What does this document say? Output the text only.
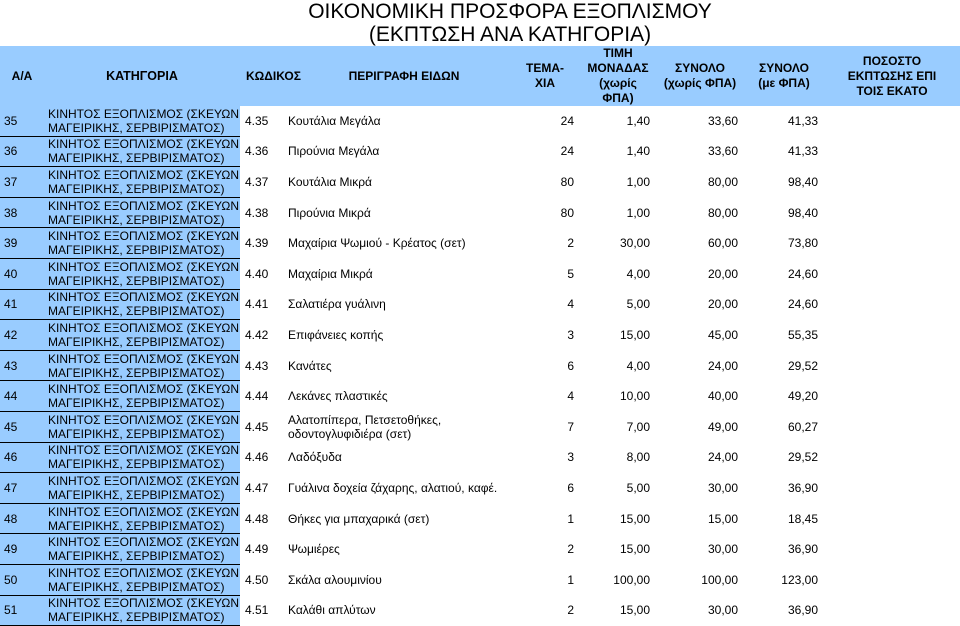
ΟΙΚΟΝΟΜΙΚΗ ΠΡΟΣΦΟΡΑ ΕΞΟΠΛΙΣΜΟΥ
(ΕΚΠΤΩΣΗ ΑΝΑ ΚΑΤΗΓΟΡΙΑ)
Α/Α	ΚΑΤΗΓΟΡΙΑ	ΚΩΔΙΚΟΣ ΠΕΡΙΓΡΑΦΗ ΕΙΔΩΝ		ΤΕΜΑ-
ΧΙΑ	ΤΙΜΗ
ΜΟΝΑΔΑΣ
(χωρίς
ΦΠΑ)	ΣΥΝΟΛΟ
(χωρίς ΦΠΑ)	ΣΥΝΟΛΟ
(με ΦΠΑ)	ΠΟΣΟΣΤΟ
ΕΚΠΤΩΣΗΣ ΕΠΙ
ΤΟΙΣ ΕΚΑΤΟ
35	ΚΙΝΗΤΟΣ ΕΞΟΠΛΙΣΜΟΣ (ΣΚΕΥΩΝ
ΜΑΓΕΙΡΙΚΗΣ, ΣΕΡΒΙΡΙΣΜΑΤΟΣ)	4.35	Κουτάλια Μεγάλα	24	1,40	33,60	41,33	
36	ΚΙΝΗΤΟΣ ΕΞΟΠΛΙΣΜΟΣ (ΣΚΕΥΩΝ
ΜΑΓΕΙΡΙΚΗΣ, ΣΕΡΒΙΡΙΣΜΑΤΟΣ)	4.36	Πιρούνια Μεγάλα	24	1,40	33,60	41,33	
37	ΚΙΝΗΤΟΣ ΕΞΟΠΛΙΣΜΟΣ (ΣΚΕΥΩΝ
ΜΑΓΕΙΡΙΚΗΣ, ΣΕΡΒΙΡΙΣΜΑΤΟΣ)	4.37	Κουτάλια Μικρά	80	1,00	80,00	98,40	
38	ΚΙΝΗΤΟΣ ΕΞΟΠΛΙΣΜΟΣ (ΣΚΕΥΩΝ
ΜΑΓΕΙΡΙΚΗΣ, ΣΕΡΒΙΡΙΣΜΑΤΟΣ)	4.38	Πιρούνια Μικρά	80	1,00	80,00	98,40	
39	ΚΙΝΗΤΟΣ ΕΞΟΠΛΙΣΜΟΣ (ΣΚΕΥΩΝ
ΜΑΓΕΙΡΙΚΗΣ, ΣΕΡΒΙΡΙΣΜΑΤΟΣ)	4.39	Μαχαίρια Ψωμιού - Κρέατος (σετ)	2	30,00	60,00	73,80	
40	ΚΙΝΗΤΟΣ ΕΞΟΠΛΙΣΜΟΣ (ΣΚΕΥΩΝ
ΜΑΓΕΙΡΙΚΗΣ, ΣΕΡΒΙΡΙΣΜΑΤΟΣ)	4.40	Μαχαίρια Μικρά	5	4,00	20,00	24,60	
41	ΚΙΝΗΤΟΣ ΕΞΟΠΛΙΣΜΟΣ (ΣΚΕΥΩΝ
ΜΑΓΕΙΡΙΚΗΣ, ΣΕΡΒΙΡΙΣΜΑΤΟΣ)	4.41	Σαλατιέρα γυάλινη	4	5,00	20,00	24,60	
42	ΚΙΝΗΤΟΣ ΕΞΟΠΛΙΣΜΟΣ (ΣΚΕΥΩΝ
ΜΑΓΕΙΡΙΚΗΣ, ΣΕΡΒΙΡΙΣΜΑΤΟΣ)	4.42	Επιφάνειες κοπής	3	15,00	45,00	55,35	
43	ΚΙΝΗΤΟΣ ΕΞΟΠΛΙΣΜΟΣ (ΣΚΕΥΩΝ
ΜΑΓΕΙΡΙΚΗΣ, ΣΕΡΒΙΡΙΣΜΑΤΟΣ)	4.43	Κανάτες	6	4,00	24,00	29,52	
44	ΚΙΝΗΤΟΣ ΕΞΟΠΛΙΣΜΟΣ (ΣΚΕΥΩΝ
ΜΑΓΕΙΡΙΚΗΣ, ΣΕΡΒΙΡΙΣΜΑΤΟΣ)	4.44	Λεκάνες πλαστικές	4	10,00	40,00	49,20	
45	ΚΙΝΗΤΟΣ ΕΞΟΠΛΙΣΜΟΣ (ΣΚΕΥΩΝ
ΜΑΓΕΙΡΙΚΗΣ, ΣΕΡΒΙΡΙΣΜΑΤΟΣ)	4.45	Αλατοπίπερα, Πετσετοθήκες, οδοντογλυφιδιέρα (σετ)	7	7,00	49,00	60,27	
46	ΚΙΝΗΤΟΣ ΕΞΟΠΛΙΣΜΟΣ (ΣΚΕΥΩΝ
ΜΑΓΕΙΡΙΚΗΣ, ΣΕΡΒΙΡΙΣΜΑΤΟΣ)	4.46	Λαδόξυδα	3	8,00	24,00	29,52	
47	ΚΙΝΗΤΟΣ ΕΞΟΠΛΙΣΜΟΣ (ΣΚΕΥΩΝ
ΜΑΓΕΙΡΙΚΗΣ, ΣΕΡΒΙΡΙΣΜΑΤΟΣ)	4.47	Γυάλινα δοχεία ζάχαρης, αλατιού, καφέ.	6	5,00	30,00	36,90	
48	ΚΙΝΗΤΟΣ ΕΞΟΠΛΙΣΜΟΣ (ΣΚΕΥΩΝ
ΜΑΓΕΙΡΙΚΗΣ, ΣΕΡΒΙΡΙΣΜΑΤΟΣ)	4.48	Θήκες για μπαχαρικά (σετ)	1	15,00	15,00	18,45	
49	ΚΙΝΗΤΟΣ ΕΞΟΠΛΙΣΜΟΣ (ΣΚΕΥΩΝ
ΜΑΓΕΙΡΙΚΗΣ, ΣΕΡΒΙΡΙΣΜΑΤΟΣ)	4.49	Ψωμιέρες	2	15,00	30,00	36,90	
50	ΚΙΝΗΤΟΣ ΕΞΟΠΛΙΣΜΟΣ (ΣΚΕΥΩΝ
ΜΑΓΕΙΡΙΚΗΣ, ΣΕΡΒΙΡΙΣΜΑΤΟΣ)	4.50	Σκάλα αλουμινίου	1	100,00	100,00	123,00	
51	ΚΙΝΗΤΟΣ ΕΞΟΠΛΙΣΜΟΣ (ΣΚΕΥΩΝ
ΜΑΓΕΙΡΙΚΗΣ, ΣΕΡΒΙΡΙΣΜΑΤΟΣ)	4.51	Καλάθι απλύτων	2	15,00	30,00	36,90	
